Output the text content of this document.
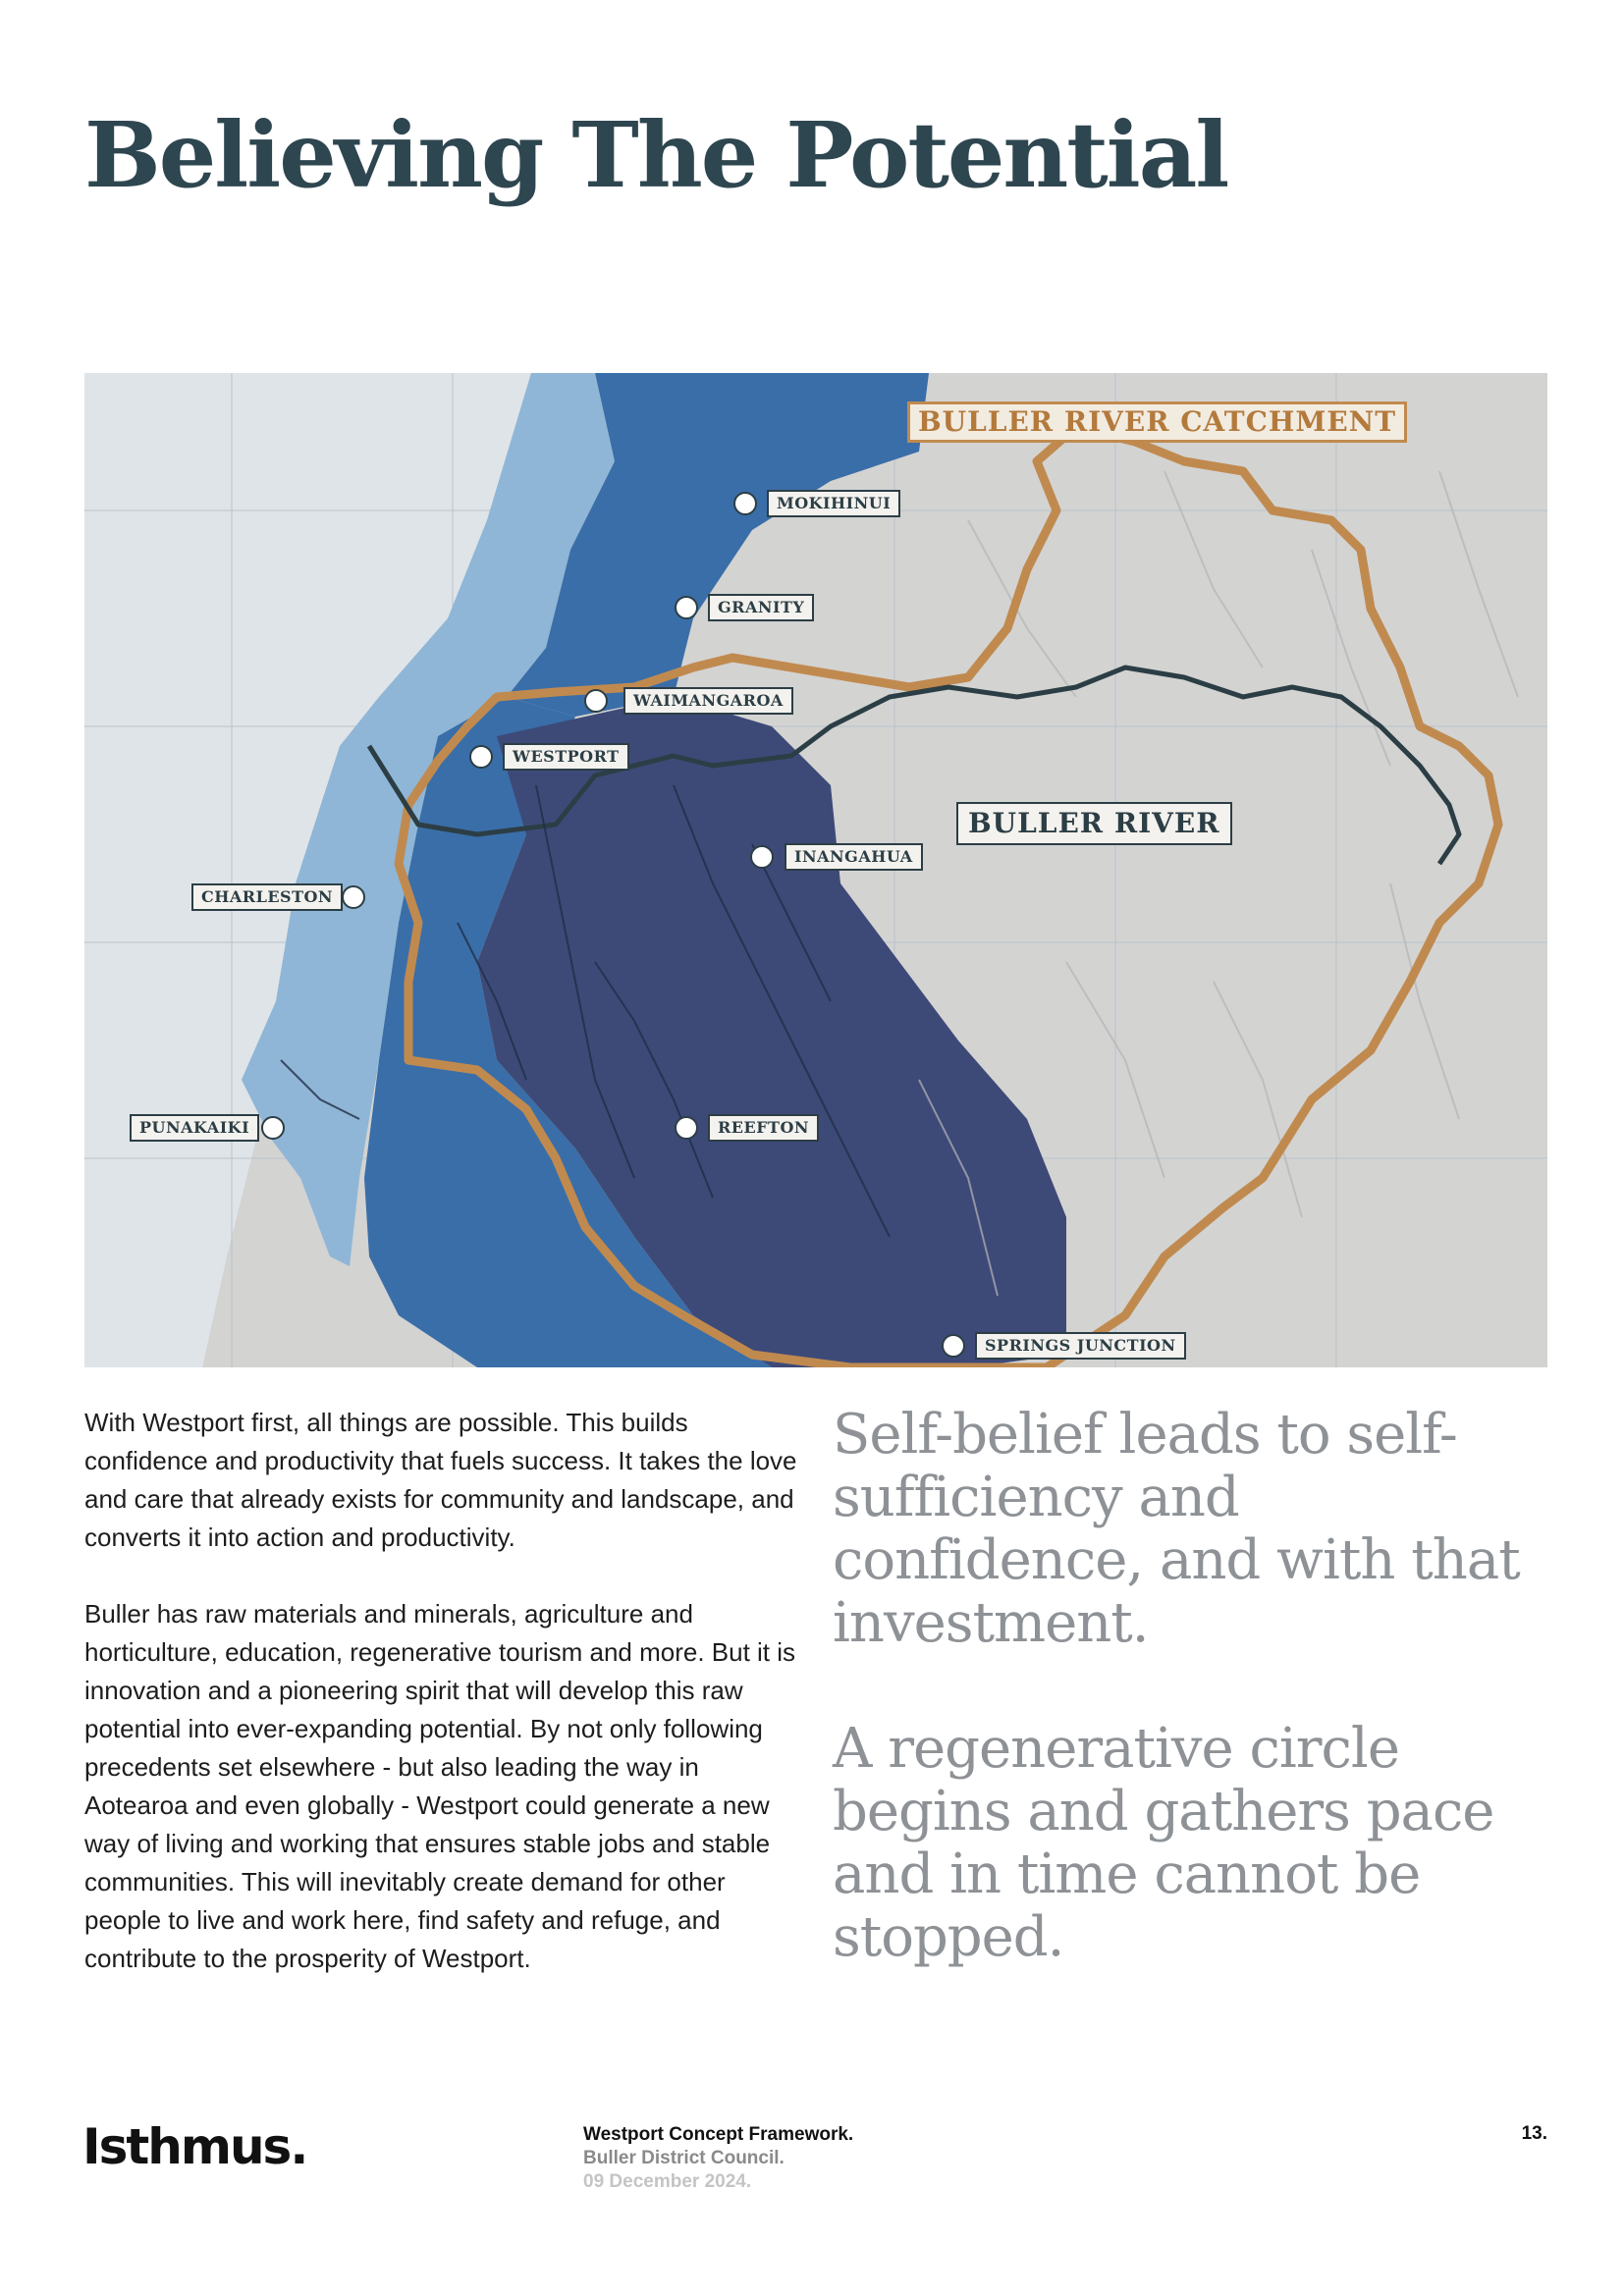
Believing The Potential
BULLER RIVER CATCHMENT
BULLER RIVER
MOKIHINUI
GRANITY
WAIMANGAROA
WESTPORT
INANGAHUA
CHARLESTON
PUNAKAIKI	REEFTON
SPRINGS JUNCTION

With Westport first, all things are possible. This builds confidence and productivity that fuels success. It takes the love and care that already exists for community and landscape, and converts it into action and productivity.

Buller has raw materials and minerals, agriculture and horticulture, education, regenerative tourism and more. But it is innovation and a pioneering spirit that will develop this raw potential into ever-expanding potential. By not only following precedents set elsewhere - but also leading the way in Aotearoa and even globally - Westport could generate a new way of living and working that ensures stable jobs and stable communities. This will inevitably create demand for other people to live and work here, find safety and refuge, and contribute to the prosperity of Westport.

Self-belief leads to self-sufficiency and confidence, and with that investment.

A regenerative circle begins and gathers pace and in time cannot be stopped.

Isthmus.	Westport Concept Framework.
Buller District Council.
09 December 2024.
13.
